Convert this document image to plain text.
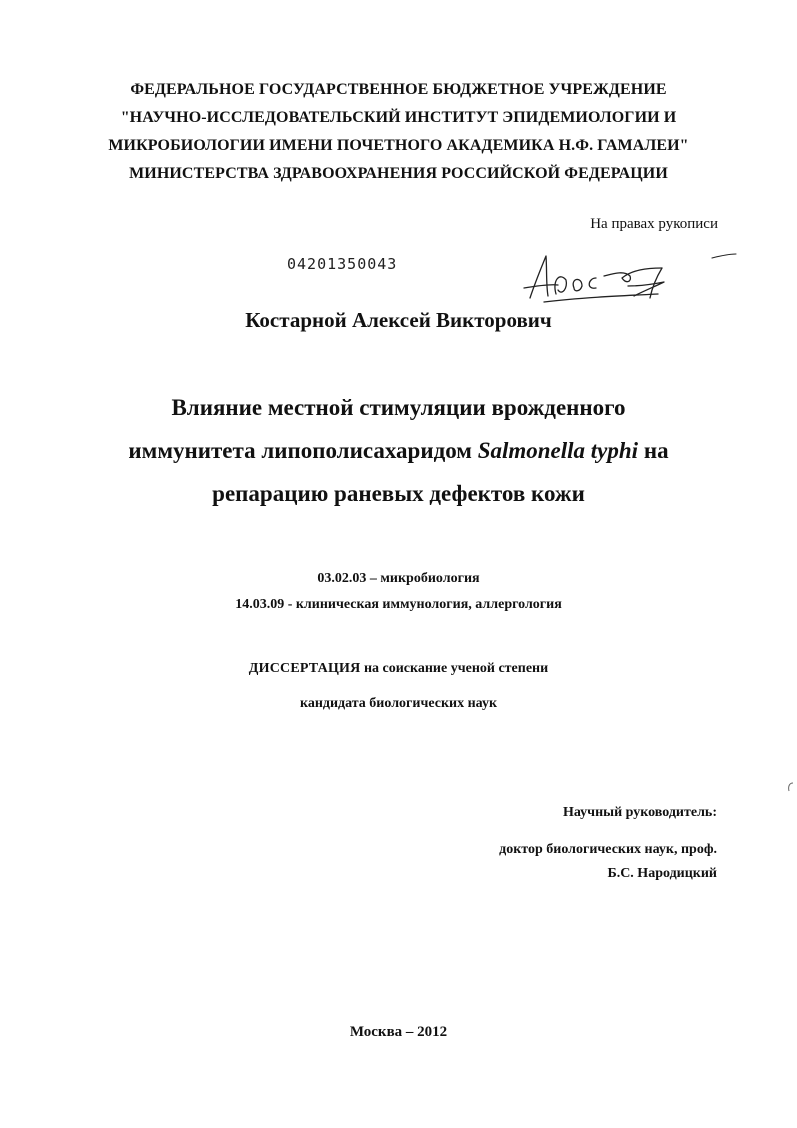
ФЕДЕРАЛЬНОЕ ГОСУДАРСТВЕННОЕ БЮДЖЕТНОЕ УЧРЕЖДЕНИЕ
"НАУЧНО-ИССЛЕДОВАТЕЛЬСКИЙ ИНСТИТУТ ЭПИДЕМИОЛОГИИ И
МИКРОБИОЛОГИИ ИМЕНИ ПОЧЕТНОГО АКАДЕМИКА Н.Ф. ГАМАЛЕИ"
МИНИСТЕРСТВА ЗДРАВООХРАНЕНИЯ РОССИЙСКОЙ ФЕДЕРАЦИИ
На правах рукописи
04201350043
Костарной Алексей Викторович
Влияние местной стимуляции врожденного
иммунитета липополисахаридом Salmonella typhi на
репарацию раневых дефектов кожи
03.02.03 – микробиология
14.03.09 - клиническая иммунология, аллергология
ДИССЕРТАЦИЯ на соискание ученой степени
кандидата биологических наук
Научный руководитель:
доктор биологических наук, проф.
Б.С. Народицкий
Москва – 2012
